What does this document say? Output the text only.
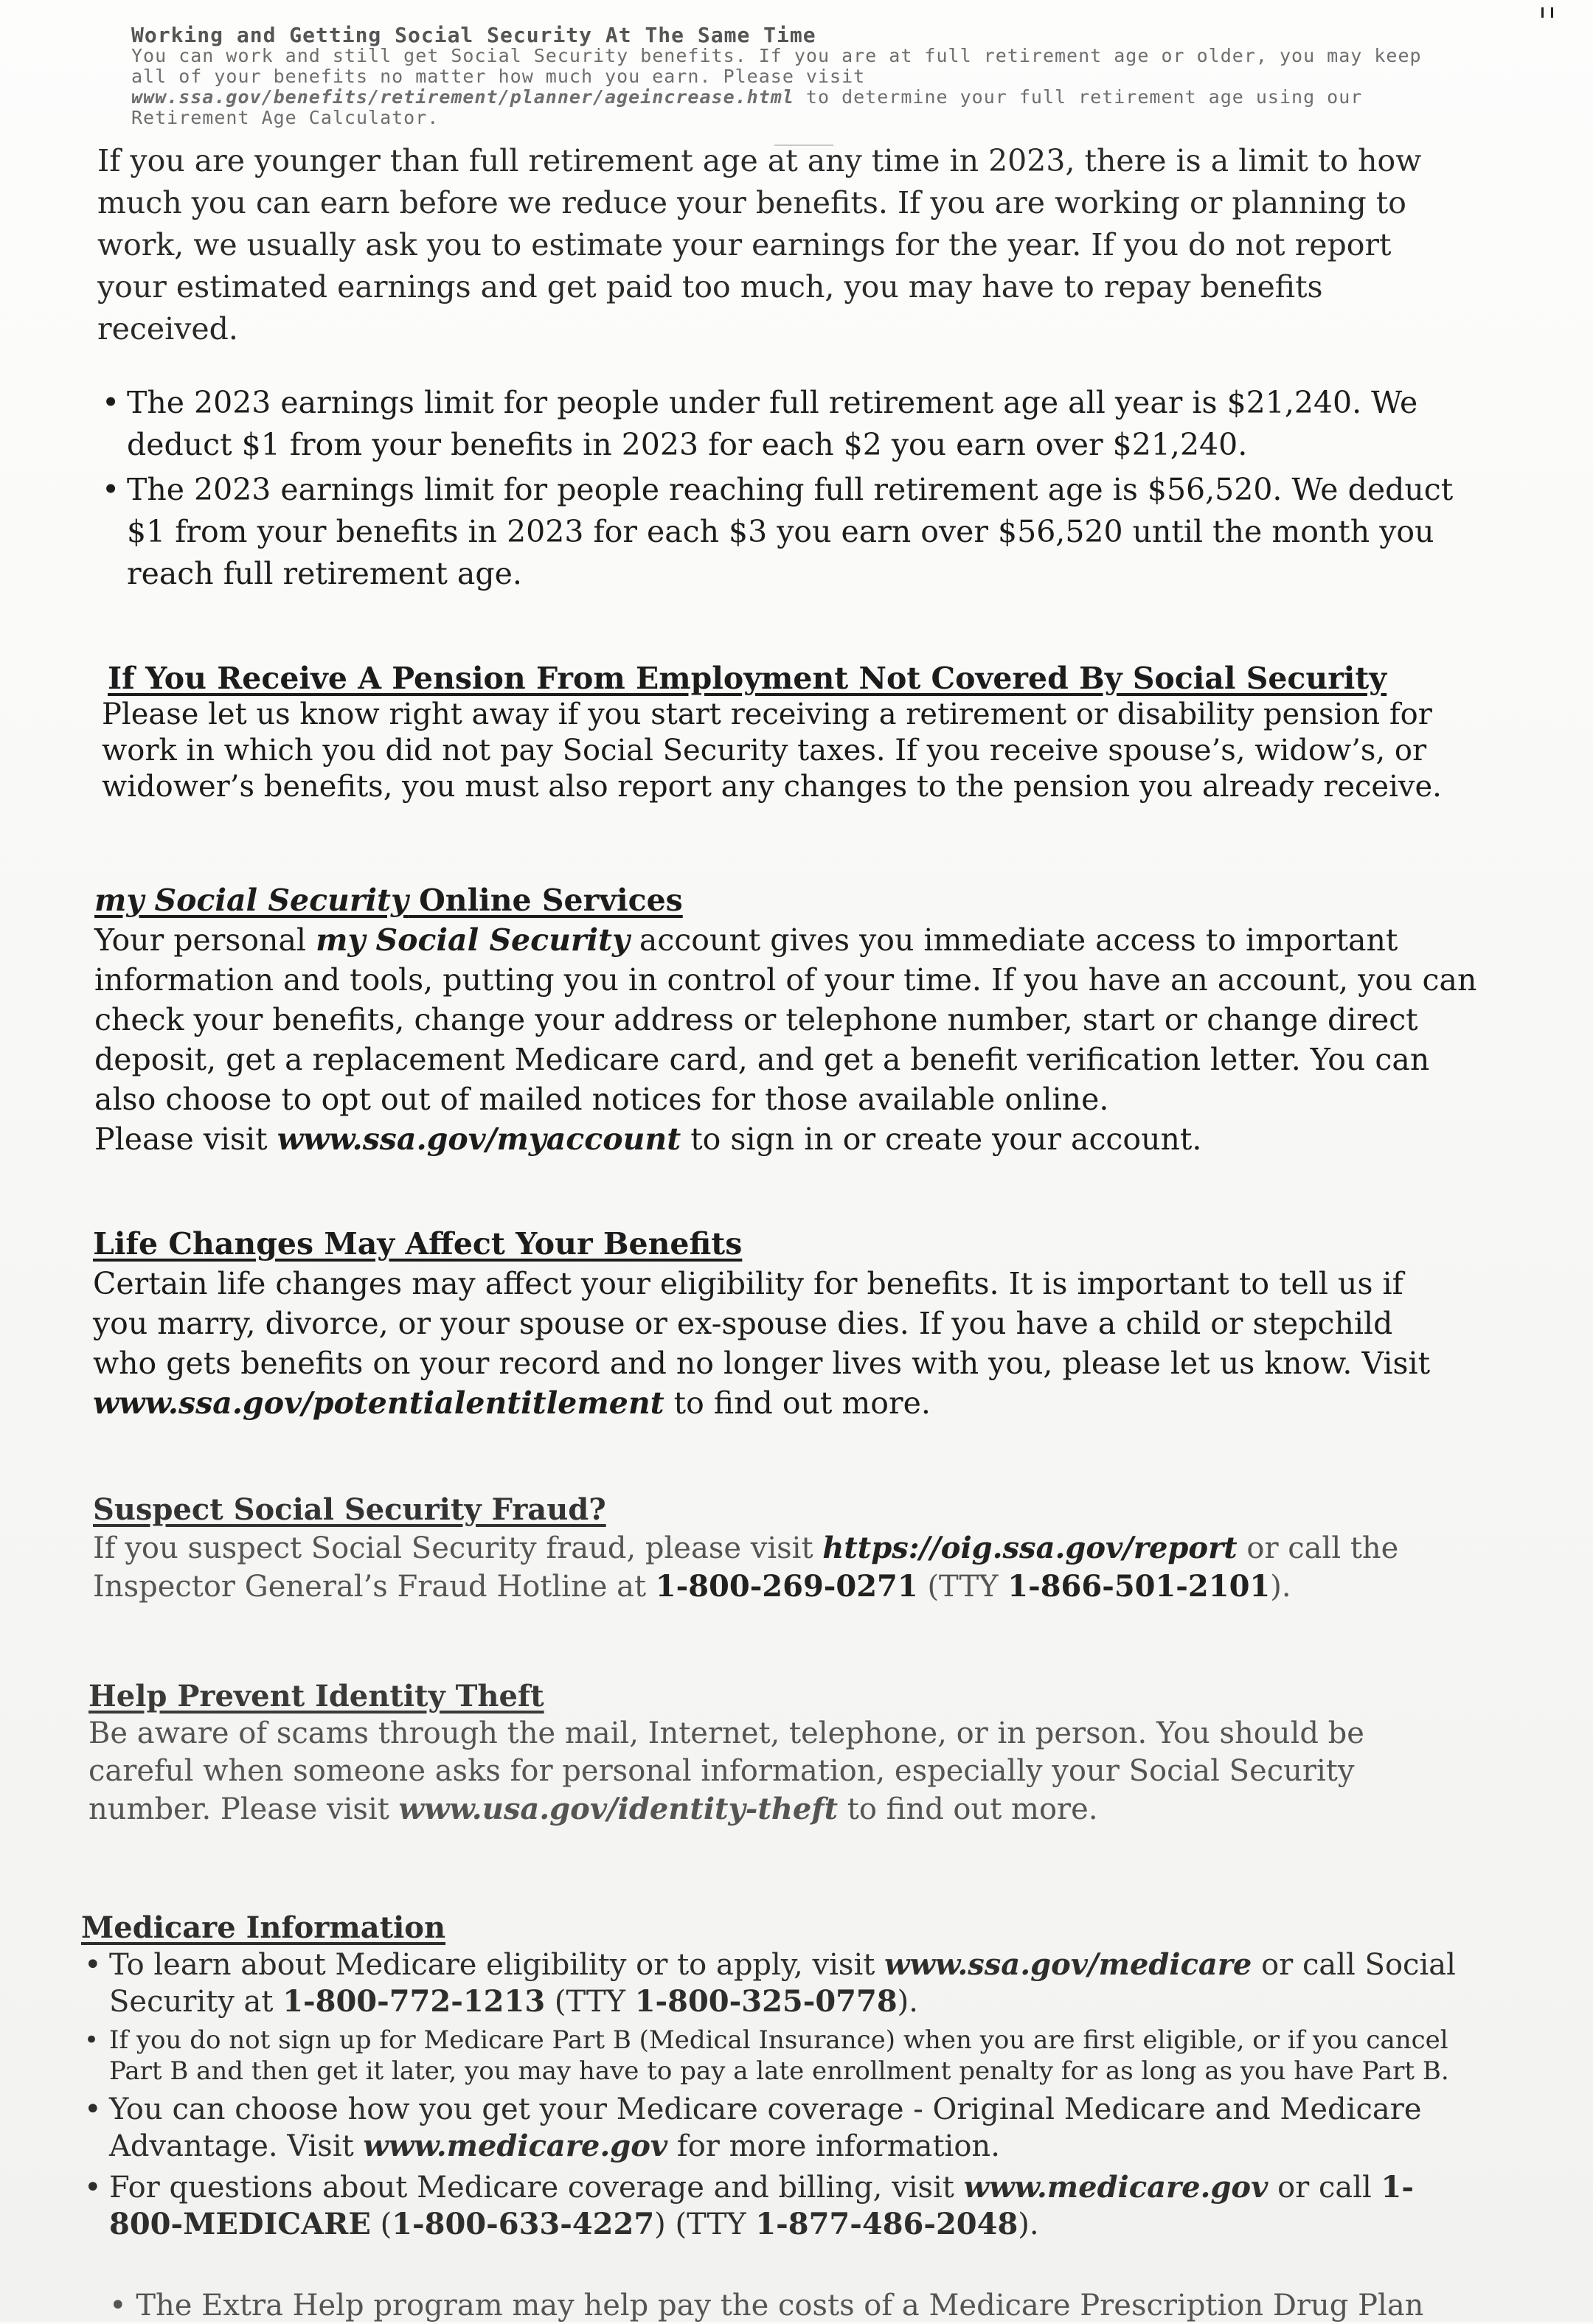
Working and Getting Social Security At The Same Time

You can work and still get Social Security benefits. If you are at full retirement age or older, you may keep all of your benefits no matter how much you earn. Please visit www.ssa.gov/benefits/retirement/planner/ageincrease.html to determine your full retirement age using our Retirement Age Calculator.

If you are younger than full retirement age at any time in 2023, there is a limit to how much you can earn before we reduce your benefits. If you are working or planning to work, we usually ask you to estimate your earnings for the year. If you do not report your estimated earnings and get paid too much, you may have to repay benefits received.

• The 2023 earnings limit for people under full retirement age all year is $21,240. We deduct $1 from your benefits in 2023 for each $2 you earn over $21,240.
• The 2023 earnings limit for people reaching full retirement age is $56,520. We deduct $1 from your benefits in 2023 for each $3 you earn over $56,520 until the month you reach full retirement age.
If You Receive A Pension From Employment Not Covered By Social Security

Please let us know right away if you start receiving a retirement or disability pension for work in which you did not pay Social Security taxes. If you receive spouse’s, widow’s, or widower’s benefits, you must also report any changes to the pension you already receive.

my Social Security Online Services

Your personal my Social Security account gives you immediate access to important information and tools, putting you in control of your time. If you have an account, you can check your benefits, change your address or telephone number, start or change direct deposit, get a replacement Medicare card, and get a benefit verification letter. You can also choose to opt out of mailed notices for those available online.

Please visit www.ssa.gov/myaccount to sign in or create your account.

Life Changes May Affect Your Benefits

Certain life changes may affect your eligibility for benefits. It is important to tell us if you marry, divorce, or your spouse or ex-spouse dies. If you have a child or stepchild who gets benefits on your record and no longer lives with you, please let us know. Visit www.ssa.gov/potentialentitlement to find out more.

Suspect Social Security Fraud?

If you suspect Social Security fraud, please visit https://oig.ssa.gov/report or call the Inspector General’s Fraud Hotline at 1-800-269-0271 (TTY 1-866-501-2101).

Help Prevent Identity Theft

Be aware of scams through the mail, Internet, telephone, or in person. You should be careful when someone asks for personal information, especially your Social Security number. Please visit www.usa.gov/identity-theft to find out more.

Medicare Information
• To learn about Medicare eligibility or to apply, visit www.ssa.gov/medicare or call Social Security at 1-800-772-1213 (TTY 1-800-325-0778).
• If you do not sign up for Medicare Part B (Medical Insurance) when you are first eligible, or if you cancel Part B and then get it later, you may have to pay a late enrollment penalty for as long as you have Part B.
• You can choose how you get your Medicare coverage - Original Medicare and Medicare Advantage. Visit www.medicare.gov for more information.
• For questions about Medicare coverage and billing, visit www.medicare.gov or call 1-800-MEDICARE (1-800-633-4227) (TTY 1-877-486-2048).
• The Extra Help program may help pay the costs of a Medicare Prescription Drug Plan
